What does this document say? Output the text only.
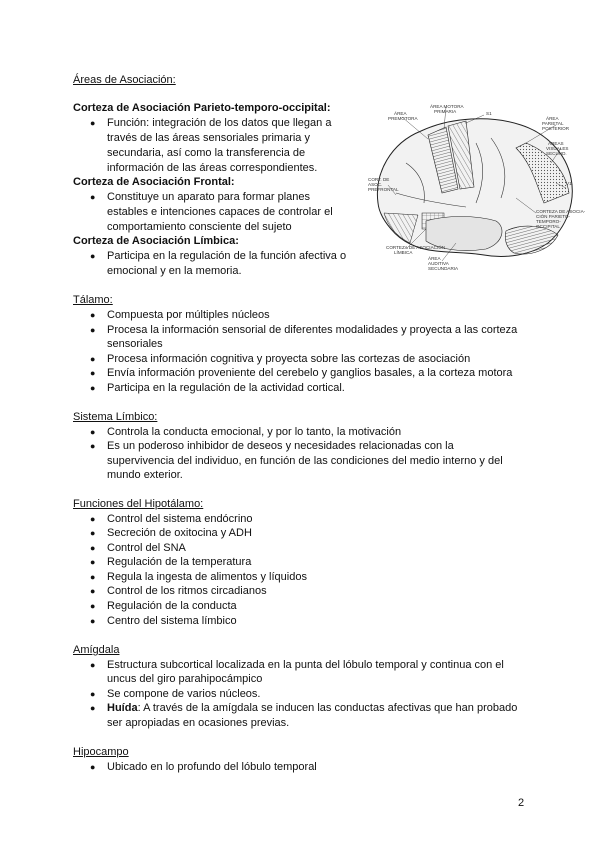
Áreas de Asociación:
Corteza de Asociación Parieto-temporo-occipital:
● Función: integración de los datos que llegan a
través de las áreas sensoriales primaria y
secundaria, así como la transferencia de
información de las áreas correspondientes.
Corteza de Asociación Frontal:
● Constituye un aparato para formar planes
estables e intenciones capaces de controlar el
comportamiento consciente del sujeto
Corteza de Asociación Límbica:
● Participa en la regulación de la función afectiva o
emocional y en la memoria.
ÁREA MOTORA
PRIMARIA
ÁREA
PREMOTORA	ÁREA
PARIETAL
POSTERIOR
ÁREAS
VISUALES
SECUND.
CORT. DE
ASOC.
PREFRONTAL
CORTEZA DE ASOCIACIÓN
LÍMBICA
ÁREA
AUDITIVA
SECUNDARIA
CORTEZA DE ASOCIA-
CIÓN PARIETO-
TEMPORO-
OCCIPITAL
S1
V1
Tálamo:
● Compuesta por múltiples núcleos
● Procesa la información sensorial de diferentes modalidades y proyecta a las corteza
sensoriales
● Procesa información cognitiva y proyecta sobre las cortezas de asociación
● Envía información proveniente del cerebelo y ganglios basales, a la corteza motora
● Participa en la regulación de la actividad cortical.
Sistema Límbico:
● Controla la conducta emocional, y por lo tanto, la motivación
● Es un poderoso inhibidor de deseos y necesidades relacionadas con la
supervivencia del individuo, en función de las condiciones del medio interno y del
mundo exterior.
Funciones del Hipotálamo:
● Control del sistema endócrino
● Secreción de oxitocina y ADH
● Control del SNA
● Regulación de la temperatura
● Regula la ingesta de alimentos y líquidos
● Control de los ritmos circadianos
● Regulación de la conducta
● Centro del sistema límbico
Amígdala
● Estructura subcortical localizada en la punta del lóbulo temporal y continua con el
uncus del giro parahipocámpico
● Se compone de varios núcleos.
● Huída: A través de la amígdala se inducen las conductas afectivas que han probado
ser apropiadas en ocasiones previas.
Hipocampo
● Ubicado en lo profundo del lóbulo temporal
2
